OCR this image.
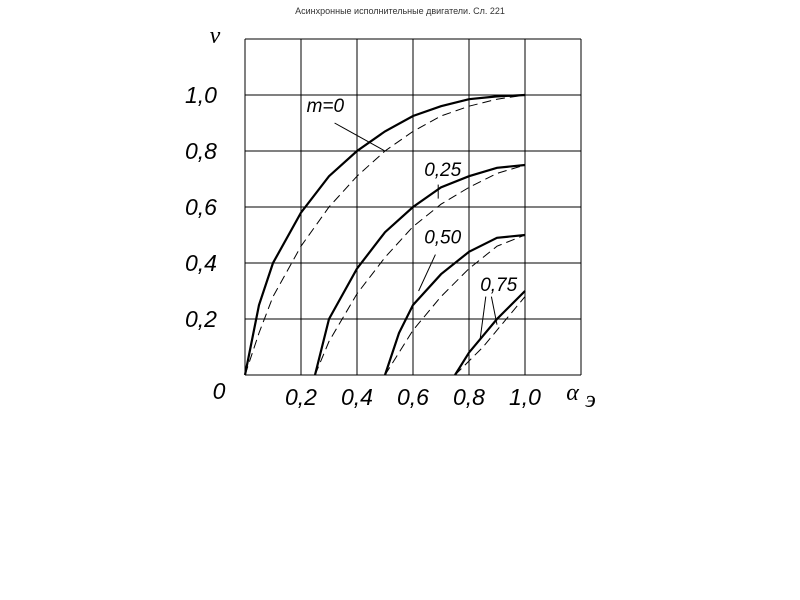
Асинхронные исполнительные двигатели. Сл. 221
0,2
0,4
0,6
0,8
1,0
0,2 0,4 0,6 0,8 1,0
0
ν
α э
m=0
0,25
0,50
0,75
